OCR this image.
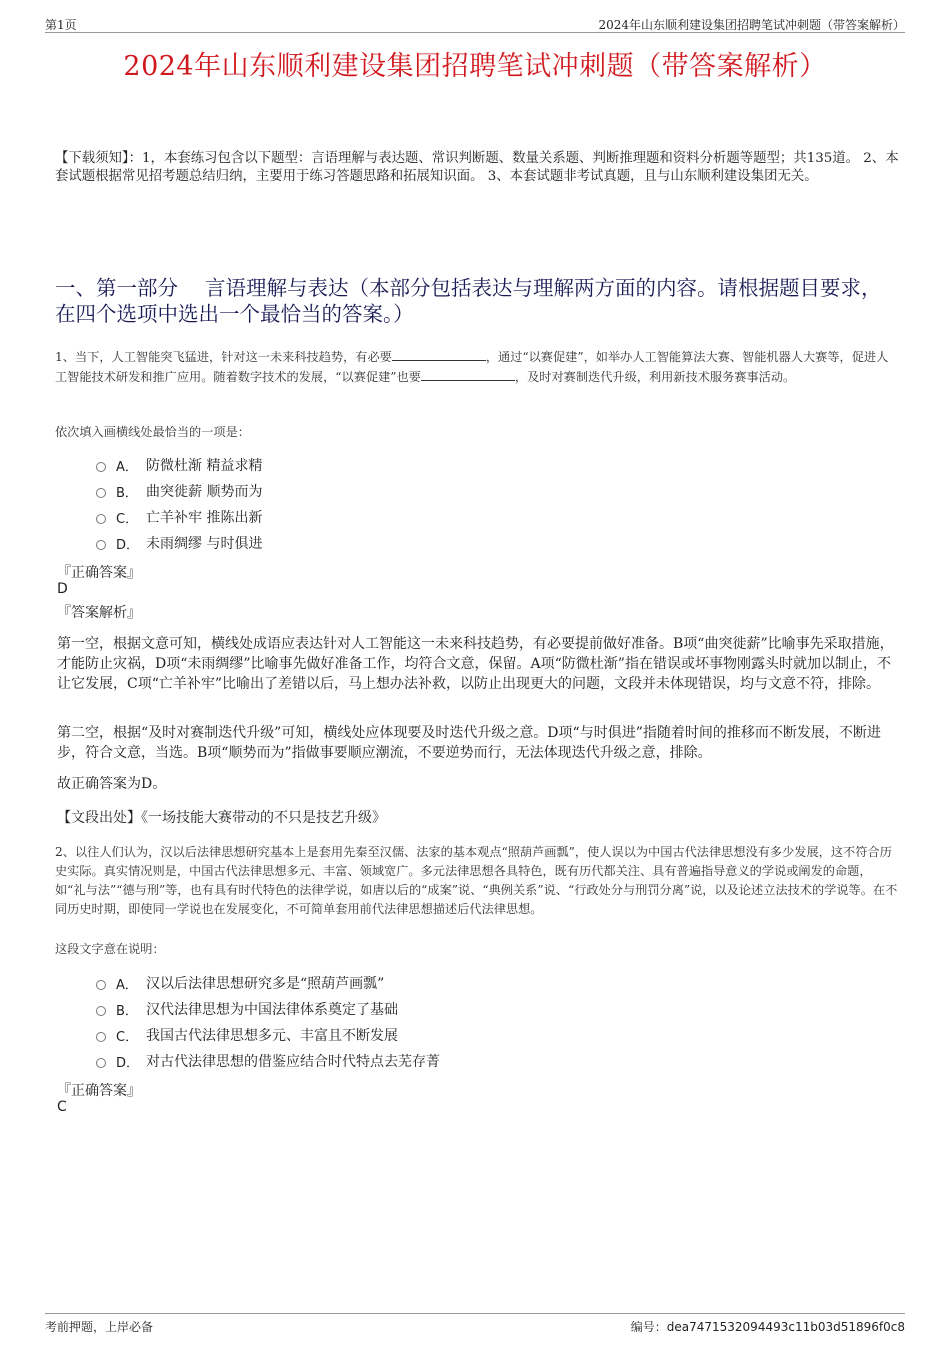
第1页	2024年山东顺利建设集团招聘笔试冲刺题（带答案解析）
2024年山东顺利建设集团招聘笔试冲刺题（带答案解析）
【下载须知】：1，本套练习包含以下题型：言语理解与表达题、常识判断题、数量关系题、判断推理题和资料分析题等题型；共135道。 2、本套试题根据常见招考题总结归纳，主要用于练习答题思路和拓展知识面。 3、本套试题非考试真题，且与山东顺利建设集团无关。
一、第一部分　 言语理解与表达（本部分包括表达与理解两方面的内容。请根据题目要求，在四个选项中选出一个最恰当的答案。）
1、当下，人工智能突飞猛进，针对这一未来科技趋势，有必要	，通过“以赛促建”，如举办人工智能算法大赛、智能机器人大赛等，促进人工智能技术研发和推广应用。随着数字技术的发展，“以赛促建”也要	，及时对赛制迭代升级，利用新技术服务赛事活动。
依次填入画横线处最恰当的一项是：
A． 防微杜渐 精益求精
B． 曲突徙薪 顺势而为
C． 亡羊补牢 推陈出新
D． 未雨绸缪 与时俱进
『正确答案』
D
『答案解析』
第一空，根据文意可知，横线处成语应表达针对人工智能这一未来科技趋势，有必要提前做好准备。B项“曲突徙薪”比喻事先采取措施，才能防止灾祸，D项“未雨绸缪”比喻事先做好准备工作，均符合文意，保留。A项“防微杜渐”指在错误或坏事物刚露头时就加以制止，不让它发展，C项“亡羊补牢”比喻出了差错以后，马上想办法补救，以防止出现更大的问题，文段并未体现错误，均与文意不符，排除。
第二空，根据“及时对赛制迭代升级”可知，横线处应体现要及时迭代升级之意。D项“与时俱进”指随着时间的推移而不断发展，不断进步，符合文意，当选。B项“顺势而为”指做事要顺应潮流，不要逆势而行，无法体现迭代升级之意，排除。
故正确答案为D。
【文段出处】《一场技能大赛带动的不只是技艺升级》
2、以往人们认为，汉以后法律思想研究基本上是套用先秦至汉儒、法家的基本观点“照葫芦画瓢”，使人误以为中国古代法律思想没有多少发展，这不符合历史实际。真实情况则是，中国古代法律思想多元、丰富、领域宽广。多元法律思想各具特色，既有历代都关注、具有普遍指导意义的学说或阐发的命题，如“礼与法”“德与刑”等，也有具有时代特色的法律学说，如唐以后的“成案”说、“典例关系”说、“行政处分与刑罚分离”说，以及论述立法技术的学说等。在不同历史时期，即使同一学说也在发展变化，不可简单套用前代法律思想描述后代法律思想。
这段文字意在说明：
A． 汉以后法律思想研究多是“照葫芦画瓢”
B． 汉代法律思想为中国法律体系奠定了基础
C． 我国古代法律思想多元、丰富且不断发展
D． 对古代法律思想的借鉴应结合时代特点去芜存菁
『正确答案』
C
考前押题，上岸必备	编号：dea7471532094493c11b03d51896f0c8
